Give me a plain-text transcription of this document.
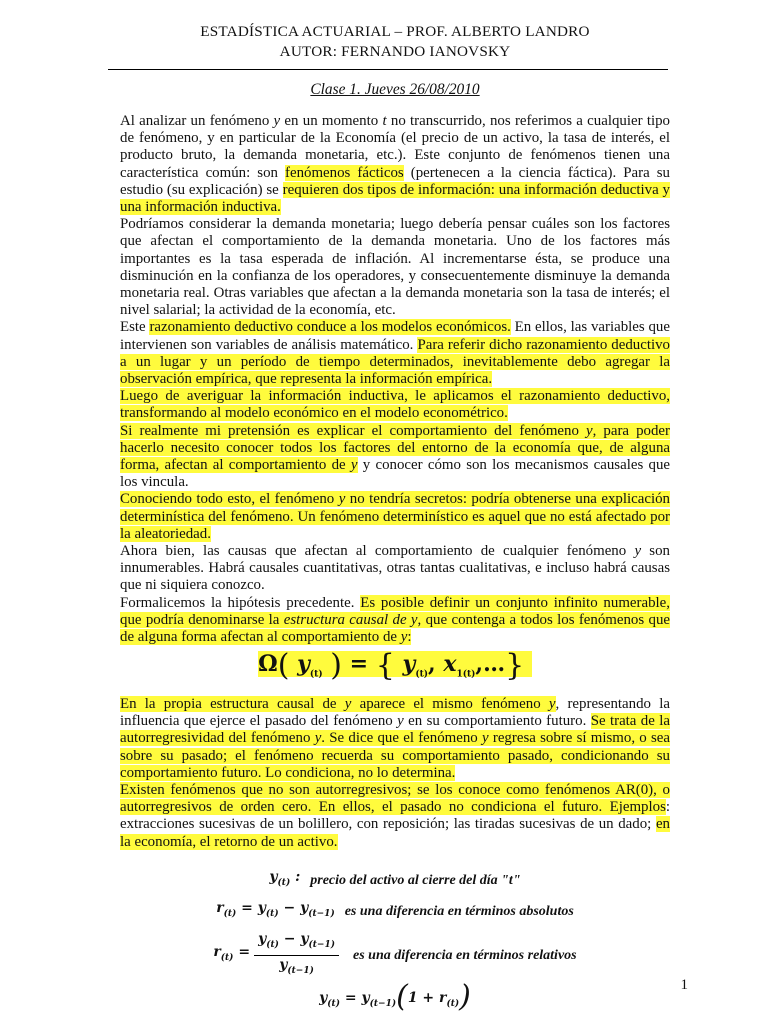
ESTADÍSTICA ACTUARIAL – PROF. ALBERTO LANDRO
AUTOR: FERNANDO IANOVSKY
Clase 1. Jueves 26/08/2010

Al analizar un fenómeno y en un momento t no transcurrido, nos referimos a cualquier tipo de fenómeno, y en particular de la Economía (el precio de un activo, la tasa de interés, el producto bruto, la demanda monetaria, etc.). Este conjunto de fenómenos tienen una característica común: son fenómenos fácticos (pertenecen a la ciencia fáctica). Para su estudio (su explicación) se requieren dos tipos de información: una información deductiva y una información inductiva.

Podríamos considerar la demanda monetaria; luego debería pensar cuáles son los factores que afectan el comportamiento de la demanda monetaria. Uno de los factores más importantes es la tasa esperada de inflación. Al incrementarse ésta, se produce una disminución en la confianza de los operadores, y consecuentemente disminuye la demanda monetaria real. Otras variables que afectan a la demanda monetaria son la tasa de interés; el nivel salarial; la actividad de la economía, etc.

Este razonamiento deductivo conduce a los modelos económicos. En ellos, las variables que intervienen son variables de análisis matemático. Para referir dicho razonamiento deductivo a un lugar y un período de tiempo determinados, inevitablemente debo agregar la observación empírica, que representa la información empírica.

Luego de averiguar la información inductiva, le aplicamos el razonamiento deductivo, transformando al modelo económico en el modelo econométrico.

Si realmente mi pretensión es explicar el comportamiento del fenómeno y, para poder hacerlo necesito conocer todos los factores del entorno de la economía que, de alguna forma, afectan al comportamiento de y y conocer cómo son los mecanismos causales que los vincula.

Conociendo todo esto, el fenómeno y no tendría secretos: podría obtenerse una explicación determinística del fenómeno. Un fenómeno determinístico es aquel que no está afectado por la aleatoriedad.

Ahora bien, las causas que afectan al comportamiento de cualquier fenómeno y son innumerables. Habrá causales cuantitativas, otras tantas cualitativas, e incluso habrá causas que ni siquiera conozco.

Formalicemos la hipótesis precedente. Es posible definir un conjunto infinito numerable, que podría denominarse la estructura causal de y, que contenga a todos los fenómenos que de alguna forma afectan al comportamiento de y:

Ω( $y_{(t)}$ ) = { $y_{(t)}$, $x_{1(t)},\dots$}

En la propia estructura causal de y aparece el mismo fenómeno y, representando la influencia que ejerce el pasado del fenómeno y en su comportamiento futuro. Se trata de la autorregresividad del fenómeno y. Se dice que el fenómeno y regresa sobre sí mismo, o sea sobre su pasado; el fenómeno recuerda su comportamiento pasado, condicionando su comportamiento futuro. Lo condiciona, no lo determina.

Existen fenómenos que no son autorregresivos; se los conoce como fenómenos AR(0), o autorregresivos de orden cero. En ellos, el pasado no condiciona el futuro. Ejemplos: extracciones sucesivas de un bolillero, con reposición; las tiradas sucesivas de un dado; en la economía, el retorno de un activo.

$y_{(t)}$ : precio del activo al cierre del día "t"
$r_{(t)} = y_{(t)} - y_{(t-1)}$ es una diferencia en términos absolutos
$r_{(t)} = \frac{y_{(t)} - y_{(t-1)}}{y_{(t-1)}}$ es una diferencia en términos relativos
$y_{(t)} = y_{(t-1)}(1 + r_{(t)})$	1
